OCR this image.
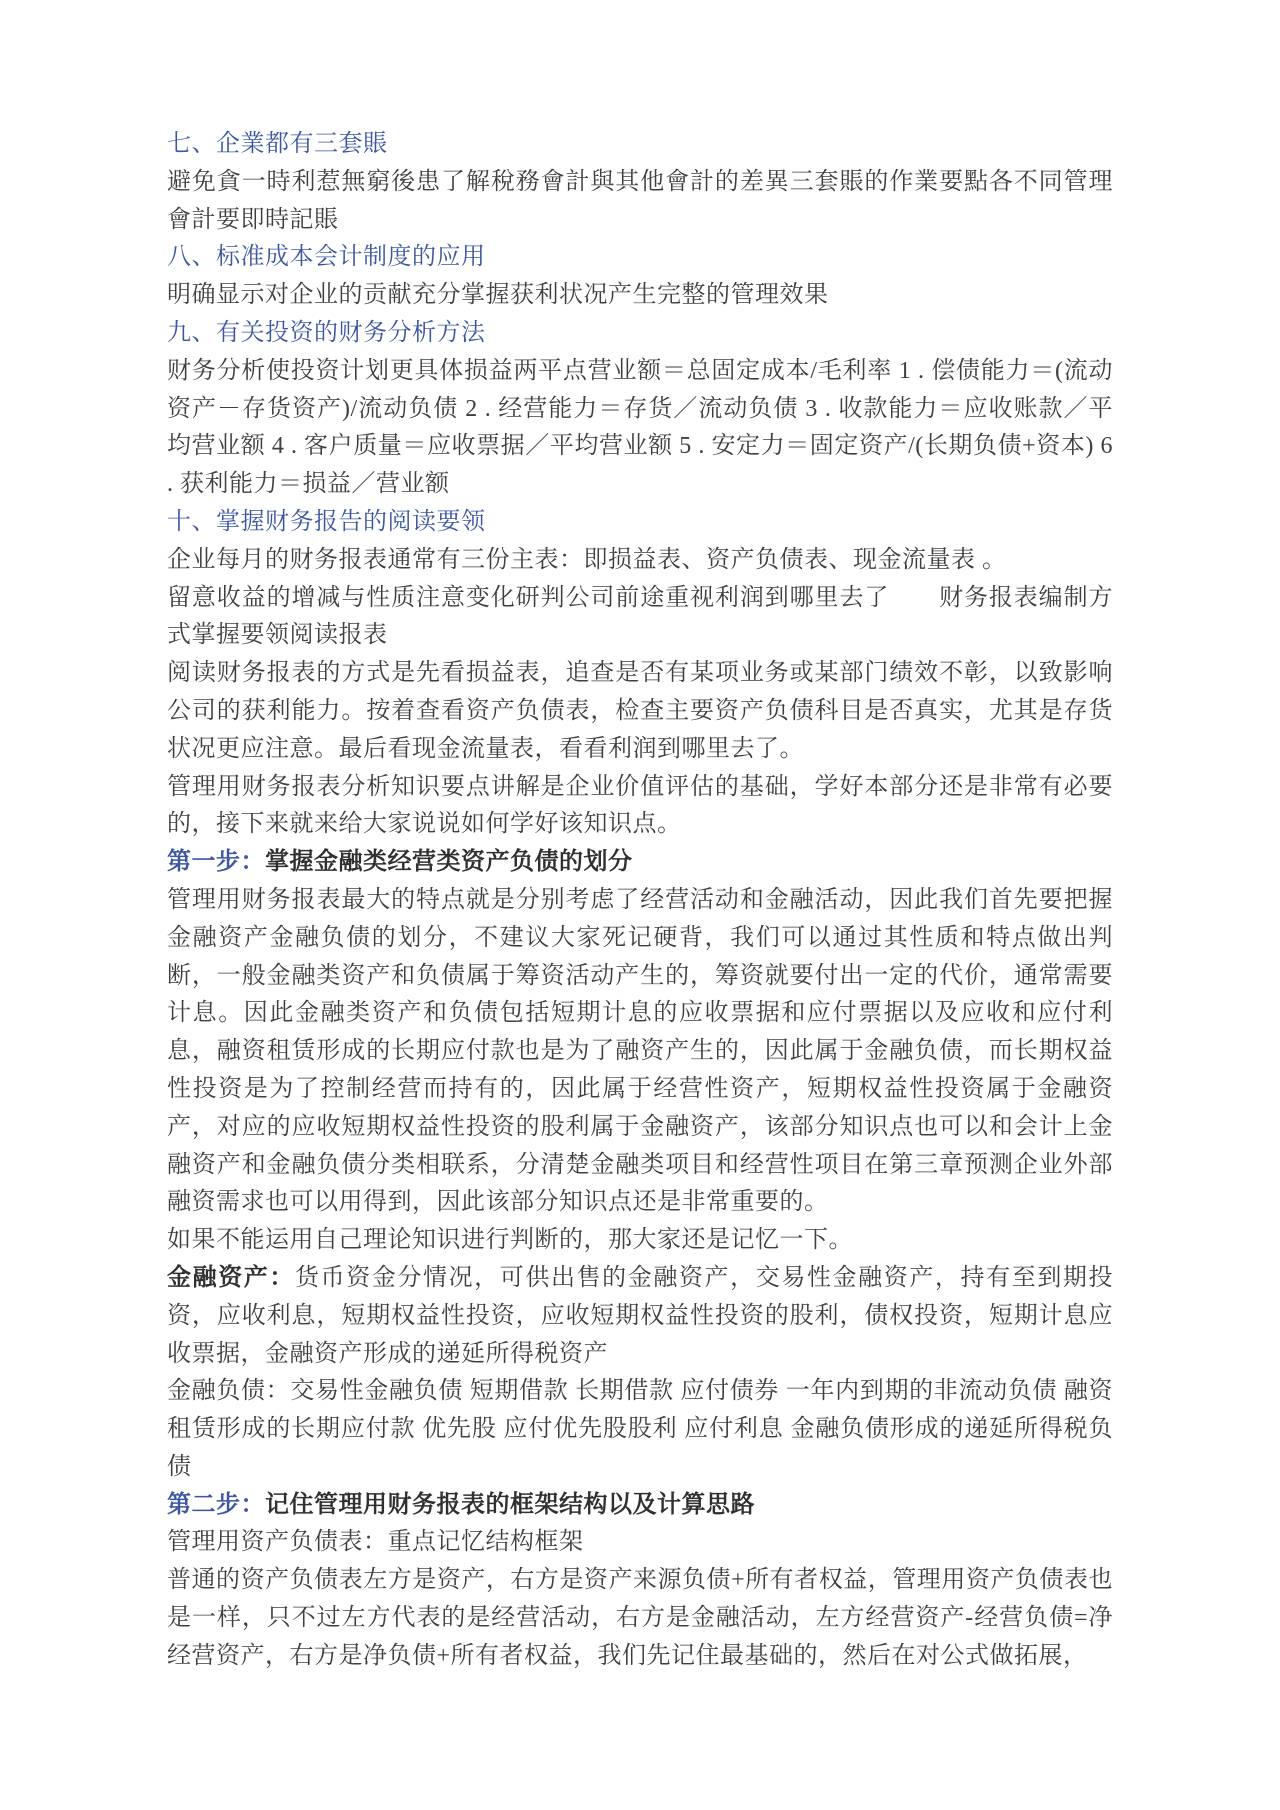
七、企業都有三套賬

避免貪一時利惹無窮後患了解稅務會計與其他會計的差異三套賬的作業要點各不同管理會計要即時記賬

八、标准成本会计制度的应用

明确显示对企业的贡献充分掌握获利状况产生完整的管理效果

九、有关投资的财务分析方法

财务分析使投资计划更具体损益两平点营业额＝总固定成本/毛利率 1 . 偿债能力＝(流动资产－存货资产)/流动负债 2 . 经营能力＝存货／流动负债 3 . 收款能力＝应收账款／平均营业额 4 . 客户质量＝应收票据／平均营业额 5 . 安定力＝固定资产/(长期负债+资本) 6 . 获利能力＝损益／营业额

十、掌握财务报告的阅读要领

企业每月的财务报表通常有三份主表：即损益表、资产负债表、现金流量表 。

留意收益的增减与性质注意变化研判公司前途重视利润到哪里去了　　财务报表编制方式掌握要领阅读报表

阅读财务报表的方式是先看损益表，追查是否有某项业务或某部门绩效不彰，以致影响公司的获利能力。按着查看资产负债表，检查主要资产负债科目是否真实，尤其是存货状况更应注意。最后看现金流量表，看看利润到哪里去了。

管理用财务报表分析知识要点讲解是企业价值评估的基础，学好本部分还是非常有必要的，接下来就来给大家说说如何学好该知识点。

第一步：掌握金融类经营类资产负债的划分

管理用财务报表最大的特点就是分别考虑了经营活动和金融活动，因此我们首先要把握金融资产金融负债的划分，不建议大家死记硬背，我们可以通过其性质和特点做出判断，一般金融类资产和负债属于筹资活动产生的，筹资就要付出一定的代价，通常需要计息。因此金融类资产和负债包括短期计息的应收票据和应付票据以及应收和应付利息，融资租赁形成的长期应付款也是为了融资产生的，因此属于金融负债，而长期权益性投资是为了控制经营而持有的，因此属于经营性资产，短期权益性投资属于金融资产，对应的应收短期权益性投资的股利属于金融资产，该部分知识点也可以和会计上金融资产和金融负债分类相联系，分清楚金融类项目和经营性项目在第三章预测企业外部融资需求也可以用得到，因此该部分知识点还是非常重要的。

如果不能运用自己理论知识进行判断的，那大家还是记忆一下。

金融资产：货币资金分情况，可供出售的金融资产，交易性金融资产，持有至到期投资，应收利息，短期权益性投资，应收短期权益性投资的股利，债权投资，短期计息应收票据，金融资产形成的递延所得税资产

金融负债：交易性金融负债 短期借款 长期借款 应付债券 一年内到期的非流动负债 融资租赁形成的长期应付款 优先股 应付优先股股利 应付利息 金融负债形成的递延所得税负债

第二步：记住管理用财务报表的框架结构以及计算思路

管理用资产负债表：重点记忆结构框架

普通的资产负债表左方是资产，右方是资产来源负债+所有者权益，管理用资产负债表也是一样，只不过左方代表的是经营活动，右方是金融活动，左方经营资产-经营负债=净经营资产，右方是净负债+所有者权益，我们先记住最基础的，然后在对公式做拓展，
